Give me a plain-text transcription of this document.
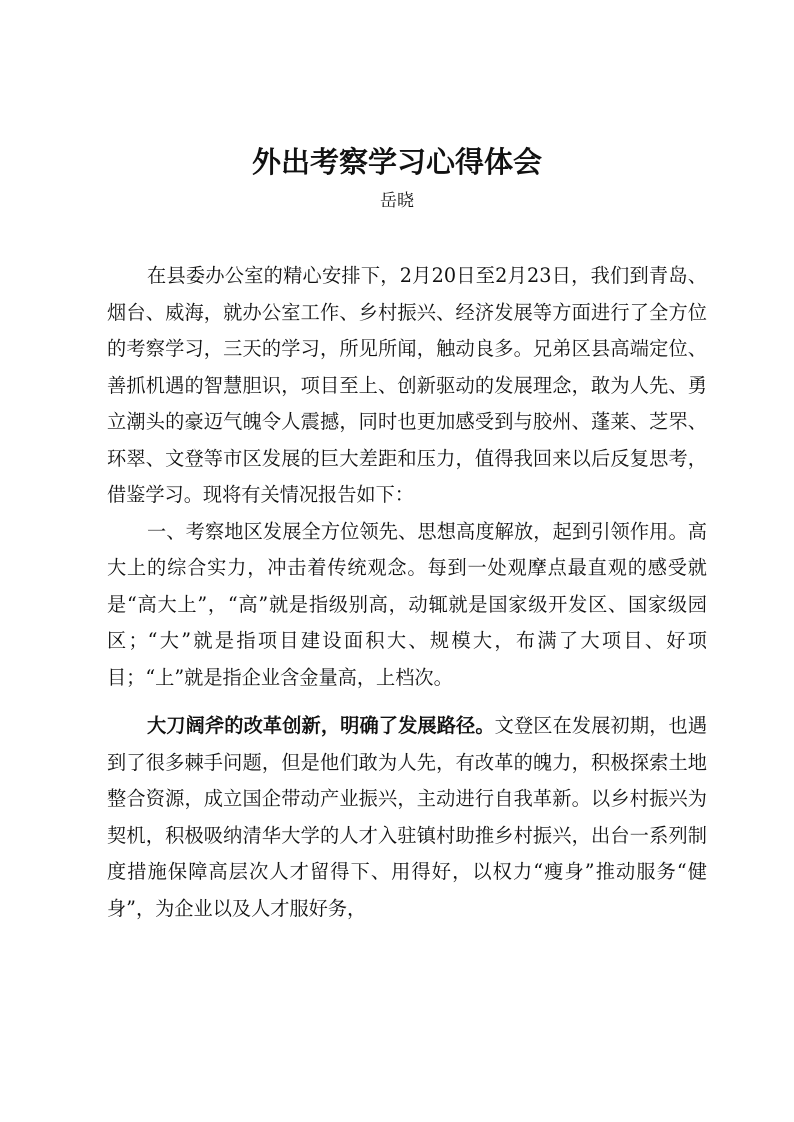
外出考察学习心得体会
岳晓

在县委办公室的精心安排下，2月20日至2月23日，我们到青岛、烟台、威海，就办公室工作、乡村振兴、经济发展等方面进行了全方位的考察学习，三天的学习，所见所闻，触动良多。兄弟区县高端定位、善抓机遇的智慧胆识，项目至上、创新驱动的发展理念，敢为人先、勇立潮头的豪迈气魄令人震撼，同时也更加感受到与胶州、蓬莱、芝罘、环翠、文登等市区发展的巨大差距和压力，值得我回来以后反复思考，借鉴学习。现将有关情况报告如下：

一、考察地区发展全方位领先、思想高度解放，起到引领作用。高大上的综合实力，冲击着传统观念。每到一处观摩点最直观的感受就是“高大上”，“高”就是指级别高，动辄就是国家级开发区、国家级园区；“大”就是指项目建设面积大、规模大，布满了大项目、好项目；“上”就是指企业含金量高，上档次。

大刀阔斧的改革创新，明确了发展路径。文登区在发展初期，也遇到了很多棘手问题，但是他们敢为人先，有改革的魄力，积极探索土地整合资源，成立国企带动产业振兴，主动进行自我革新。以乡村振兴为契机，积极吸纳清华大学的人才入驻镇村助推乡村振兴，出台一系列制度措施保障高层次人才留得下、用得好，以权力“瘦身”推动服务“健身”，为企业以及人才服好务，
